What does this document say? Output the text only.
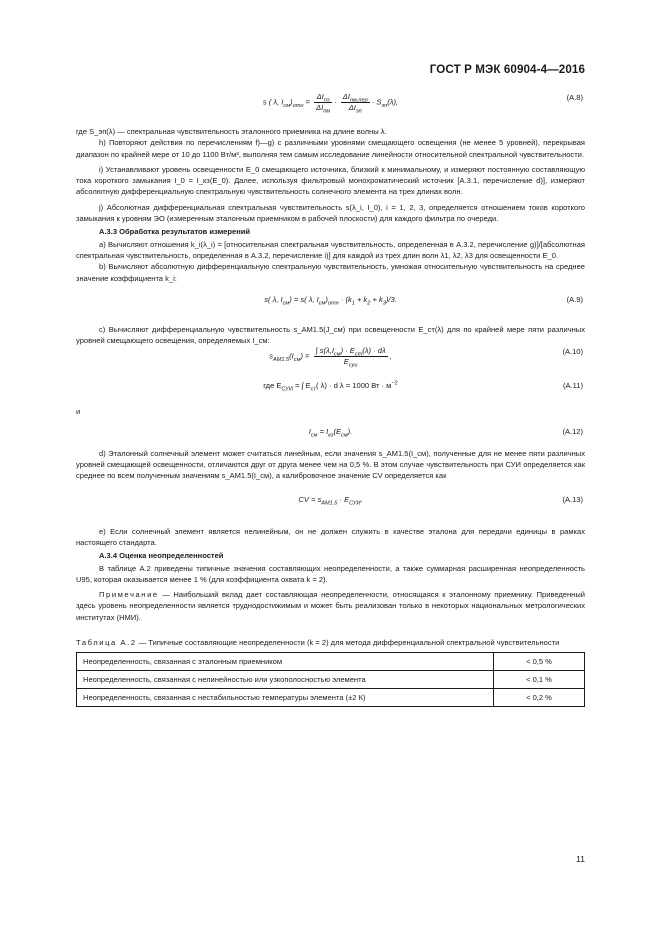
ГОСТ Р МЭК 60904-4—2016
s ( λ, $I_{см})_{отн} = \frac{\Delta I_{пэ}}{\Delta I_{пм}} \cdot \frac{\Delta I_{пм,пер}}{\Delta I_{эп}} \cdot S_{эп}(\lambda)$,	(А.8)

где S_эп(λ) — спектральная чувствительность эталонного приемника на длине волны λ.

h) Повторяют действия по перечислениям f)—g) с различными уровнями смещающего освещения (не менее 5 уровней), перекрывая диапазон по крайней мере от 10 до 1100 Вт/м², выполняя тем самым исследование линейности относительной спектральной чувствительности.

i) Устанавливают уровень освещенности E_0 смещающего источника, близкий к минимальному, и измеряют постоянную составляющую тока короткого замыкания I_0 = I_кз(E_0). Далее, используя фильтровый монохроматический источник [А.3.1, перечисление d)], измеряют абсолютную дифференциальную спектральную чувствительность солнечного элемента на трех длинах волн.

j) Абсолютная дифференциальная спектральная чувствительность s(λ_i, I_0), i = 1, 2, 3, определяется отношением токов короткого замыкания к уровням ЭО (измеренным эталонным приемником в рабочей плоскости) для каждого фильтра по очереди.

А.3.3 Обработка результатов измерений

a) Вычисляют отношения k_i(λ_i) = [относительная спектральная чувствительность, определенная в А.3.2, перечисление g)]/[абсолютная спектральная чувствительность, определенная в А.3.2, перечисление i)] для каждой из трех длин волн λ1, λ2, λ3 для освещенности E_0.

b) Вычисляют абсолютную дифференциальную спектральную чувствительность, умножая относительную чувствительность на среднее значение коэффициента k_i:

s( λ, $I_{см}) = s$( λ, $I_{см})_{отн} \cdot (k_1 + k_2 + k_3)/3$.	(А.9)

c) Вычисляют дифференциальную чувствительность s_AM1.5(J_см) при освещенности E_ст(λ) для по крайней мере пяти различных уровней смещающего освещения, определяемых I_см:

$s_{AM1.5}(I_{см}) = \frac{\int s(\lambda,I_{см}) \cdot E_{ст}(\lambda) \cdot d\lambda}{E_{суи}}$ ,	(А.10)
где $E_{СУИ}$ = ∫ $E_{ст}$( λ) · d λ = 1000 Вт · $м^{-2}$	(А.11)

и

$I_{см} = I_{кз}(E_{см})$.	(А.12)

d) Эталонный солнечный элемент может считаться линейным, если значения s_AM1.5(I_см), полученные для не менее пяти различных уровней смещающей освещенности, отличаются друг от друга менее чем на 0,5 %. В этом случае чувствительность при СУИ определяется как среднее по всем полученным значениям s_AM1.5(I_см), а калибровочное значение CV определяется как

CV = $s_{AM1.5} \cdot E_{СУИ}$.	(А.13)

e) Если солнечный элемент является нелинейным, он не должен служить в качестве эталона для передачи единицы в рамках настоящего стандарта.

А.3.4 Оценка неопределенностей

В таблице А.2 приведены типичные значения составляющих неопределенности, а также суммарная расширенная неопределенность U95, которая оказывается менее 1 % (для коэффициента охвата k = 2).

Примечание — Наибольший вклад дает составляющая неопределенности, относящаяся к эталонному приемнику. Приведенный здесь уровень неопределенности является труднодостижимым и может быть реализован только в некоторых национальных метрологических институтах (НМИ).

Таблица А.2 — Типичные составляющие неопределенности (k = 2) для метода дифференциальной спектральной чувствительности

Неопределенность, связанная с эталонным приемником	< 0,5 %
Неопределенность, связанная с нелинейностью или узкополосностью элемента	< 0,1 %
Неопределенность, связанная с нестабильностью температуры элемента (±2 К)	< 0,2 %
11
